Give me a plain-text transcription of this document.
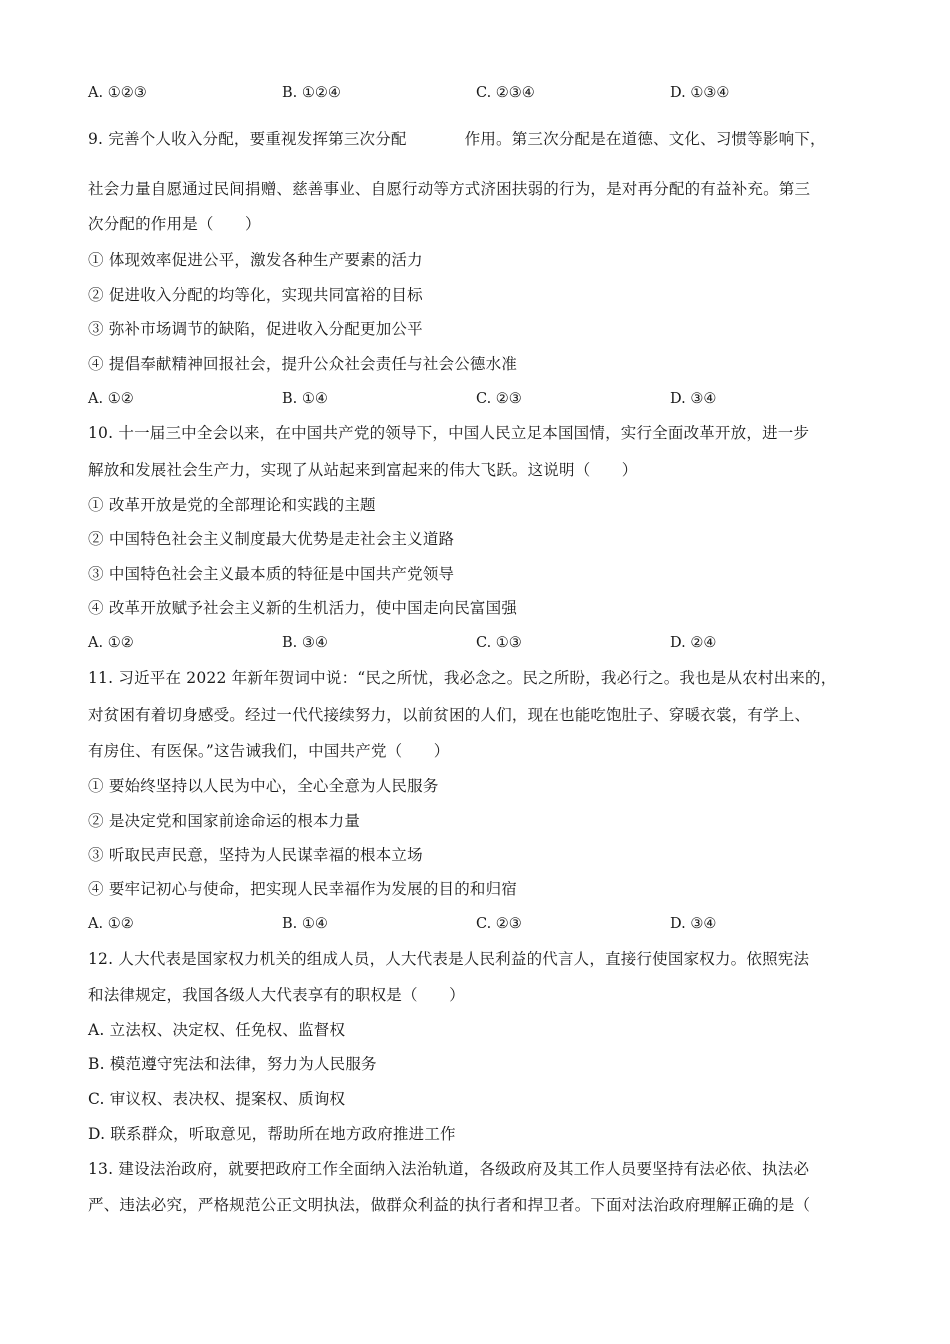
A. ①②③	B. ①②④	C. ②③④	D. ①③④
9. 完善个人收入分配，要重视发挥第三次分配	作用。第三次分配是在道德、文化、习惯等影响下，
社会力量自愿通过民间捐赠、慈善事业、自愿行动等方式济困扶弱的行为，是对再分配的有益补充。第三
次分配的作用是（　　）
① 体现效率促进公平，激发各种生产要素的活力
② 促进收入分配的均等化，实现共同富裕的目标
③ 弥补市场调节的缺陷，促进收入分配更加公平
④ 提倡奉献精神回报社会，提升公众社会责任与社会公德水准
A. ①②	B. ①④	C. ②③	D. ③④
10. 十一届三中全会以来，在中国共产党的领导下，中国人民立足本国国情，实行全面改革开放，进一步
解放和发展社会生产力，实现了从站起来到富起来的伟大飞跃。这说明（　　）
① 改革开放是党的全部理论和实践的主题
② 中国特色社会主义制度最大优势是走社会主义道路
③ 中国特色社会主义最本质的特征是中国共产党领导
④ 改革开放赋予社会主义新的生机活力，使中国走向民富国强
A. ①②	B. ③④	C. ①③	D. ②④
11. 习近平在 2022 年新年贺词中说：“民之所忧，我必念之。民之所盼，我必行之。我也是从农村出来的，
对贫困有着切身感受。经过一代代接续努力，以前贫困的人们，现在也能吃饱肚子、穿暖衣裳，有学上、
有房住、有医保。”这告诫我们，中国共产党（　　）
① 要始终坚持以人民为中心，全心全意为人民服务
② 是决定党和国家前途命运的根本力量
③ 听取民声民意，坚持为人民谋幸福的根本立场
④ 要牢记初心与使命，把实现人民幸福作为发展的目的和归宿
A. ①②	B. ①④	C. ②③	D. ③④
12. 人大代表是国家权力机关的组成人员，人大代表是人民利益的代言人，直接行使国家权力。依照宪法
和法律规定，我国各级人大代表享有的职权是（　　）
A. 立法权、决定权、任免权、监督权
B. 模范遵守宪法和法律，努力为人民服务
C. 审议权、表决权、提案权、质询权
D. 联系群众，听取意见，帮助所在地方政府推进工作
13. 建设法治政府，就要把政府工作全面纳入法治轨道，各级政府及其工作人员要坚持有法必依、执法必
严、违法必究，严格规范公正文明执法，做群众利益的执行者和捍卫者。下面对法治政府理解正确的是（
